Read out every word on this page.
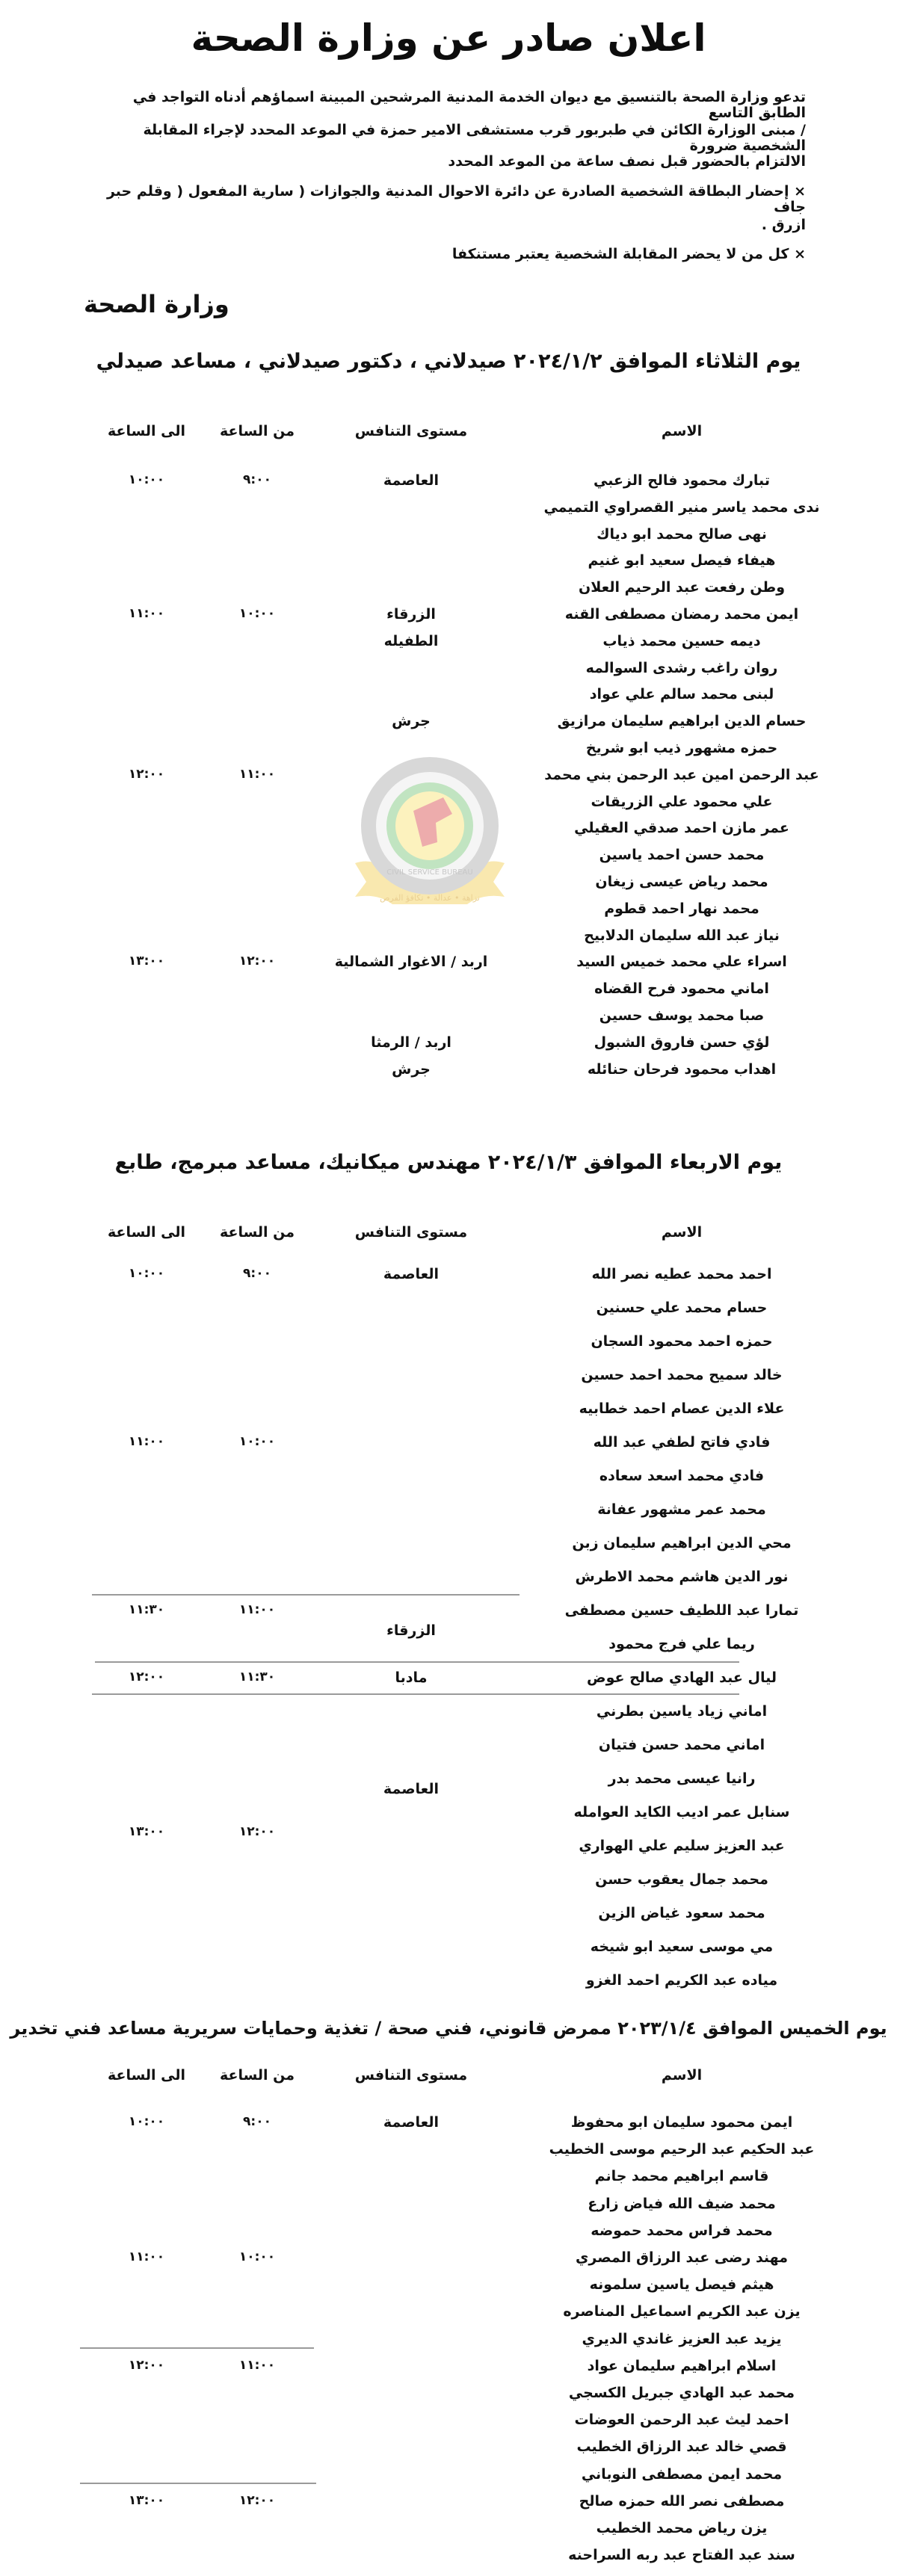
اعلان صادر عن وزارة الصحة
تدعو وزارة الصحة بالتنسيق مع ديوان الخدمة المدنية المرشحين المبينة اسماؤهم أدناه التواجد في الطابق التاسع
/ مبنى الوزارة الكائن في طبربور قرب مستشفى الامير حمزة في الموعد المحدد لإجراء المقابلة الشخصية ضرورة
الالتزام بالحضور قبل نصف ساعة من الموعد المحدد
× إحضار البطاقة الشخصية الصادرة عن دائرة الاحوال المدنية والجوازات ( سارية المفعول ( وقلم حبر جاف
ازرق .
× كل من لا يحضر المقابلة الشخصية يعتبر مستنكفا
وزارة الصحة
نزاهة • عدالة • تكافؤ الفرص
CIVIL SERVICE BUREAU
يوم الثلاثاء الموافق ٢٠٢٤/١/٢ صيدلاني ، دكتور صيدلاني ، مساعد صيدلي
الاسم
مستوى التنافس
من الساعة
الى الساعة
تبارك محمود فالح الزعبي
ندى محمد ياسر منير القصراوي التميمي
نهى صالح محمد ابو دياك
هيفاء فيصل سعيد ابو غنيم
وطن رفعت عبد الرحيم العلان
ايمن محمد رمضان مصطفى القنه
ديمه حسين محمد ذياب
روان راغب رشدى السوالمه
لبنى محمد سالم علي عواد
حسام الدين ابراهيم سليمان مرازيق
حمزه مشهور ذيب ابو شريخ
عبد الرحمن امين عبد الرحمن بني محمد
علي محمود علي الزريقات
عمر مازن احمد صدقي العقيلي
محمد حسن احمد ياسين
محمد رياض عيسى زيغان
محمد نهار احمد قطوم
نياز عبد الله سليمان الدلابيح
اسراء علي محمد خميس السيد
اماني محمود فرح القضاه
صبا محمد يوسف حسين
لؤي حسن فاروق الشبول
اهداب محمود فرحان حنائله
العاصمة
الزرقاء
الطفيله
جرش
اربد / الاغوار الشمالية
اربد / الرمثا
جرش
٩:٠٠
١٠:٠٠
١٠:٠٠
١١:٠٠
١١:٠٠
١٢:٠٠
١٢:٠٠
١٣:٠٠
يوم الاربعاء الموافق ٢٠٢٤/١/٣ مهندس ميكانيك، مساعد مبرمج، طابع
الاسم
مستوى التنافس
من الساعة
الى الساعة
احمد محمد عطيه نصر الله
حسام محمد علي حسنين
حمزه احمد محمود السجان
خالد سميح محمد احمد حسين
علاء الدين عصام احمد خطابيه
فادي فاتح لطفي عبد الله
فادي محمد اسعد سعاده
محمد عمر مشهور عفانة
محي الدين ابراهيم سليمان زبن
نور الدين هاشم محمد الاطرش
تمارا عبد اللطيف حسين مصطفى
ريما علي فرج محمود
ليال عبد الهادي صالح عوض
اماني زياد ياسين بطرني
اماني محمد حسن فتيان
رانيا عيسى محمد بدر
سنابل عمر اديب الكايد العوامله
عبد العزيز سليم علي الهواري
محمد جمال يعقوب حسن
محمد سعود غياض الزين
مي موسى سعيد ابو شيخه
مياده عبد الكريم احمد الغزو
العاصمة
الزرقاء
مادبا
العاصمة
٩:٠٠
١٠:٠٠
١٠:٠٠
١١:٠٠
١١:٠٠
١١:٣٠
١١:٣٠
١٢:٠٠
١٢:٠٠
١٣:٠٠
يوم الخميس الموافق ٢٠٢٣/١/٤ ممرض قانوني، فني صحة / تغذية وحمايات سريرية مساعد فني تخدير
الاسم
مستوى التنافس
من الساعة
الى الساعة
ايمن محمود سليمان ابو محفوظ
عبد الحكيم عبد الرحيم موسى الخطيب
قاسم ابراهيم محمد جانم
محمد ضيف الله فياض زارع
محمد فراس محمد حموضه
مهند رضى عبد الرزاق المصري
هيثم فيصل ياسين سلمونه
يزن عبد الكريم اسماعيل المناصره
يزيد عبد العزيز غاندي الديري
اسلام ابراهيم سليمان عواد
محمد عبد الهادي جبريل الكسجي
احمد ليث عبد الرحمن العوضات
قصي خالد عبد الرزاق الخطيب
محمد ايمن مصطفى النوباني
مصطفى نصر الله حمزه صالح
يزن رياض محمد الخطيب
سند عبد الفتاح عبد ربه السراحنه
العاصمة
٩:٠٠
١٠:٠٠
١٠:٠٠
١١:٠٠
١١:٠٠
١٢:٠٠
١٢:٠٠
١٣:٠٠
